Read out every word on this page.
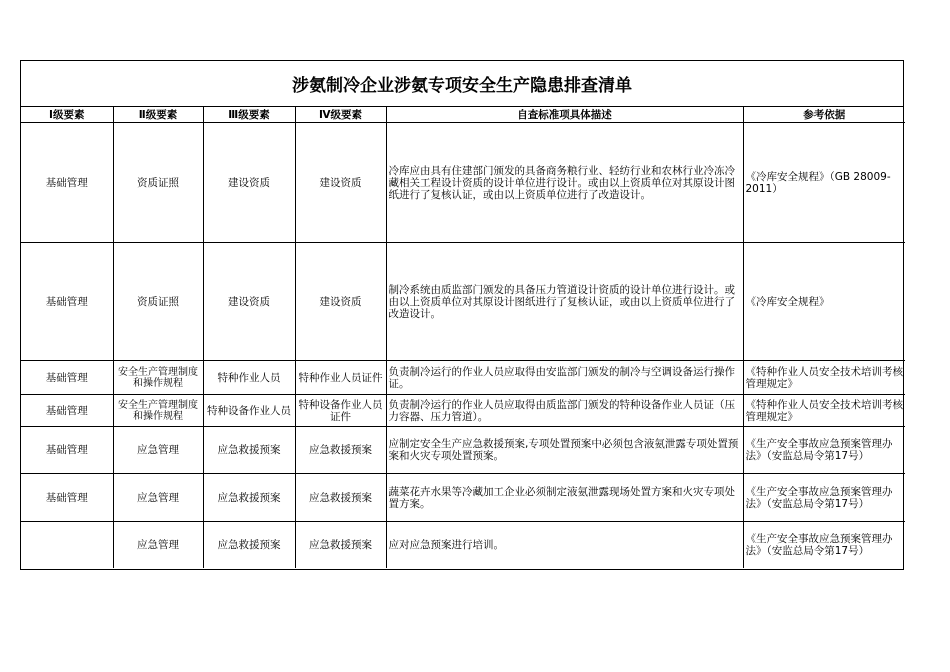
涉氨制冷企业涉氨专项安全生产隐患排查清单
Ⅰ级要素	Ⅱ级要素	Ⅲ级要素	Ⅳ级要素	自查标准项具体描述	参考依据
基础管理	资质证照	建设资质	建设资质	冷库应由具有住建部门颁发的具备商务粮行业、轻纺行业和农林行业冷冻冷藏相关工程设计资质的设计单位进行设计。或由以上资质单位对其原设计图纸进行了复核认证，或由以上资质单位进行了改造设计。	《冷库安全规程》（GB 28009-2011）
基础管理	资质证照	建设资质	建设资质	制冷系统由质监部门颁发的具备压力管道设计资质的设计单位进行设计。或由以上资质单位对其原设计图纸进行了复核认证，或由以上资质单位进行了改造设计。	《冷库安全规程》
基础管理	安全生产管理制度和操作规程	特种作业人员	特种作业人员证件	负责制冷运行的作业人员应取得由安监部门颁发的制冷与空调设备运行操作证。	《特种作业人员安全技术培训考核管理规定》
基础管理	安全生产管理制度和操作规程	特种设备作业人员	特种设备作业人员证件	负责制冷运行的作业人员应取得由质监部门颁发的特种设备作业人员证（压力容器、压力管道）。	《特种作业人员安全技术培训考核管理规定》
基础管理	应急管理	应急救援预案	应急救援预案	应制定安全生产应急救援预案,专项处置预案中必须包含液氨泄露专项处置预案和火灾专项处置预案。	《生产安全事故应急预案管理办法》（安监总局令第17号）
基础管理	应急管理	应急救援预案	应急救援预案	蔬菜花卉水果等冷藏加工企业必须制定液氨泄露现场处置方案和火灾专项处置方案。	《生产安全事故应急预案管理办法》（安监总局令第17号）
	应急管理	应急救援预案	应急救援预案	应对应急预案进行培训。	《生产安全事故应急预案管理办法》（安监总局令第17号）
